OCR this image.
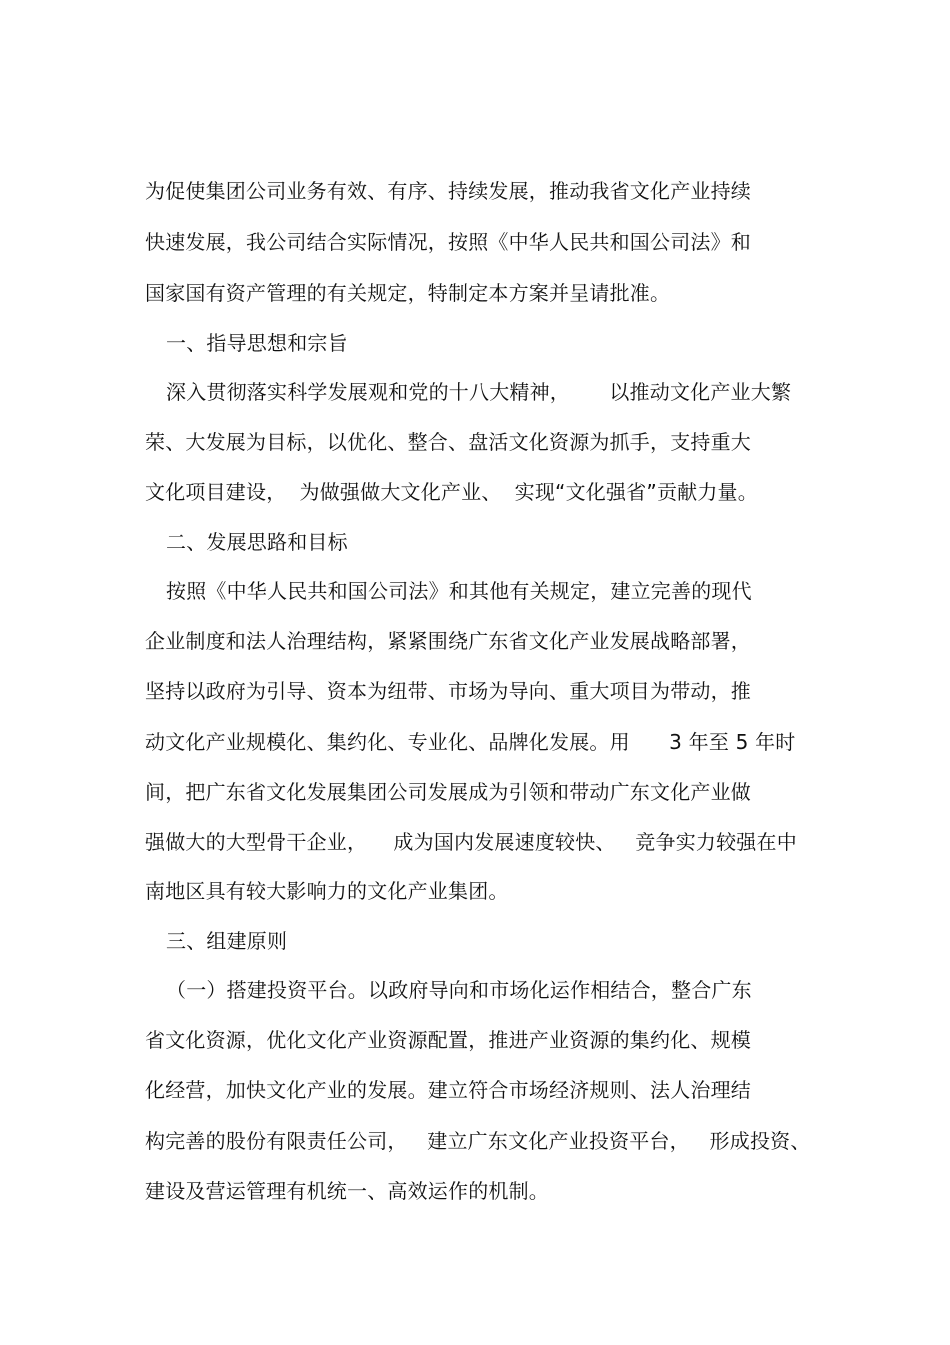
为促使集团公司业务有效、有序、持续发展，推动我省文化产业持续
快速发展，我公司结合实际情况，按照《中华人民共和国公司法》和
国家国有资产管理的有关规定，特制定本方案并呈请批准。
一、指导思想和宗旨
深入贯彻落实科学发展观和党的十八大精神，      以推动文化产业大繁
荣、大发展为目标，以优化、整合、盘活文化资源为抓手，支持重大
文化项目建设，  为做强做大文化产业、  实现“文化强省”贡献力量。
二、发展思路和目标
按照《中华人民共和国公司法》和其他有关规定，建立完善的现代
企业制度和法人治理结构，紧紧围绕广东省文化产业发展战略部署，
坚持以政府为引导、资本为纽带、市场为导向、重大项目为带动，推
动文化产业规模化、集约化、专业化、品牌化发展。用      3 年至 5 年时
间，把广东省文化发展集团公司发展成为引领和带动广东文化产业做
强做大的大型骨干企业，    成为国内发展速度较快、   竞争实力较强在中
南地区具有较大影响力的文化产业集团。
三、组建原则
（一）搭建投资平台。以政府导向和市场化运作相结合，整合广东
省文化资源，优化文化产业资源配置，推进产业资源的集约化、规模
化经营，加快文化产业的发展。建立符合市场经济规则、法人治理结
构完善的股份有限责任公司，   建立广东文化产业投资平台，   形成投资、
建设及营运管理有机统一、高效运作的机制。
